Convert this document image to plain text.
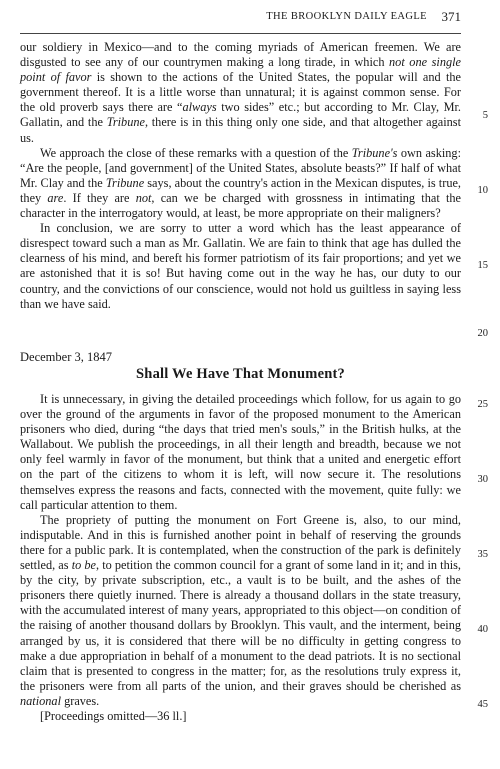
THE BROOKLYN DAILY EAGLE 371

our soldiery in Mexico—and to the coming myriads of American freemen. We are disgusted to see any of our countrymen making a long tirade, in which not one single point of favor is shown to the actions of the United States, the popular will and the government thereof. It is a little worse than unnatural; it is against common sense. For the old proverb says there are “always two sides” etc.; but according to Mr. Clay, Mr. Gallatin, and the Tribune, there is in this thing only one side, and that altogether against us.

We approach the close of these remarks with a question of the Tribune's own asking: “Are the people, [and government] of the United States, absolute beasts?” If half of what Mr. Clay and the Tribune says, about the country's action in the Mexican disputes, is true, they are. If they are not, can we be charged with grossness in intimating that the character in the interrogatory would, at least, be more appropriate on their maligners?

In conclusion, we are sorry to utter a word which has the least appearance of disrespect toward such a man as Mr. Gallatin. We are fain to think that age has dulled the clearness of his mind, and bereft his former patriotism of its fair proportions; and yet we are astonished that it is so! But having come out in the way he has, our duty to our country, and the convictions of our conscience, would not hold us guiltless in saying less than we have said.

December 3, 1847
Shall We Have That Monument?

It is unnecessary, in giving the detailed proceedings which follow, for us again to go over the ground of the arguments in favor of the proposed monument to the American prisoners who died, during “the days that tried men's souls,” in the British hulks, at the Wallabout. We publish the proceedings, in all their length and breadth, because we not only feel warmly in favor of the monument, but think that a united and energetic effort on the part of the citizens to whom it is left, will now secure it. The resolutions themselves express the reasons and facts, connected with the movement, quite fully: we call particular attention to them.

The propriety of putting the monument on Fort Greene is, also, to our mind, indisputable. And in this is furnished another point in behalf of reserving the grounds there for a public park. It is contemplated, when the construction of the park is definitely settled, as to be, to petition the common council for a grant of some land in it; and in this, by the city, by private subscription, etc., a vault is to be built, and the ashes of the prisoners there quietly inurned. There is already a thousand dollars in the state treasury, with the accumulated interest of many years, appropriated to this object—on condition of the raising of another thousand dollars by Brooklyn. This vault, and the interment, being arranged by us, it is considered that there will be no difficulty in getting congress to make a due appropriation in behalf of a monument to the dead patriots. It is no sectional claim that is presented to congress in the matter; for, as the resolutions truly express it, the prisoners were from all parts of the union, and their graves should be cherished as national graves.

[Proceedings omitted—36 ll.]

5
10
15
20
25
30
35
40
45
